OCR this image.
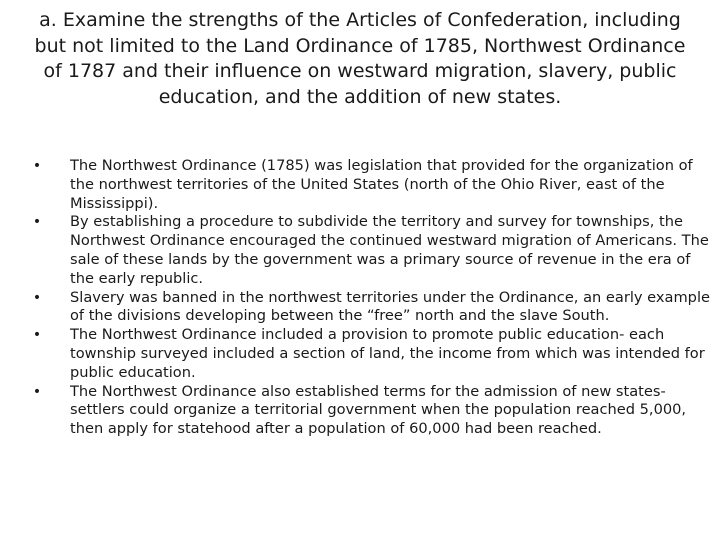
a. Examine the strengths of the Articles of Confederation, including but not limited to the Land Ordinance of 1785, Northwest Ordinance of 1787 and their influence on westward migration, slavery, public education, and the addition of new states.
• The Northwest Ordinance (1785) was legislation that provided for the organization of the northwest territories of the United States (north of the Ohio River, east of the Mississippi).
• By establishing a procedure to subdivide the territory and survey for townships, the Northwest Ordinance encouraged the continued westward migration of Americans. The sale of these lands by the government was a primary source of revenue in the era of the early republic.
• Slavery was banned in the northwest territories under the Ordinance, an early example of the divisions developing between the “free” north and the slave South.
• The Northwest Ordinance included a provision to promote public education- each township surveyed included a section of land, the income from which was intended for public education.
• The Northwest Ordinance also established terms for the admission of new states- settlers could organize a territorial government when the population reached 5,000, then apply for statehood after a population of 60,000 had been reached.
